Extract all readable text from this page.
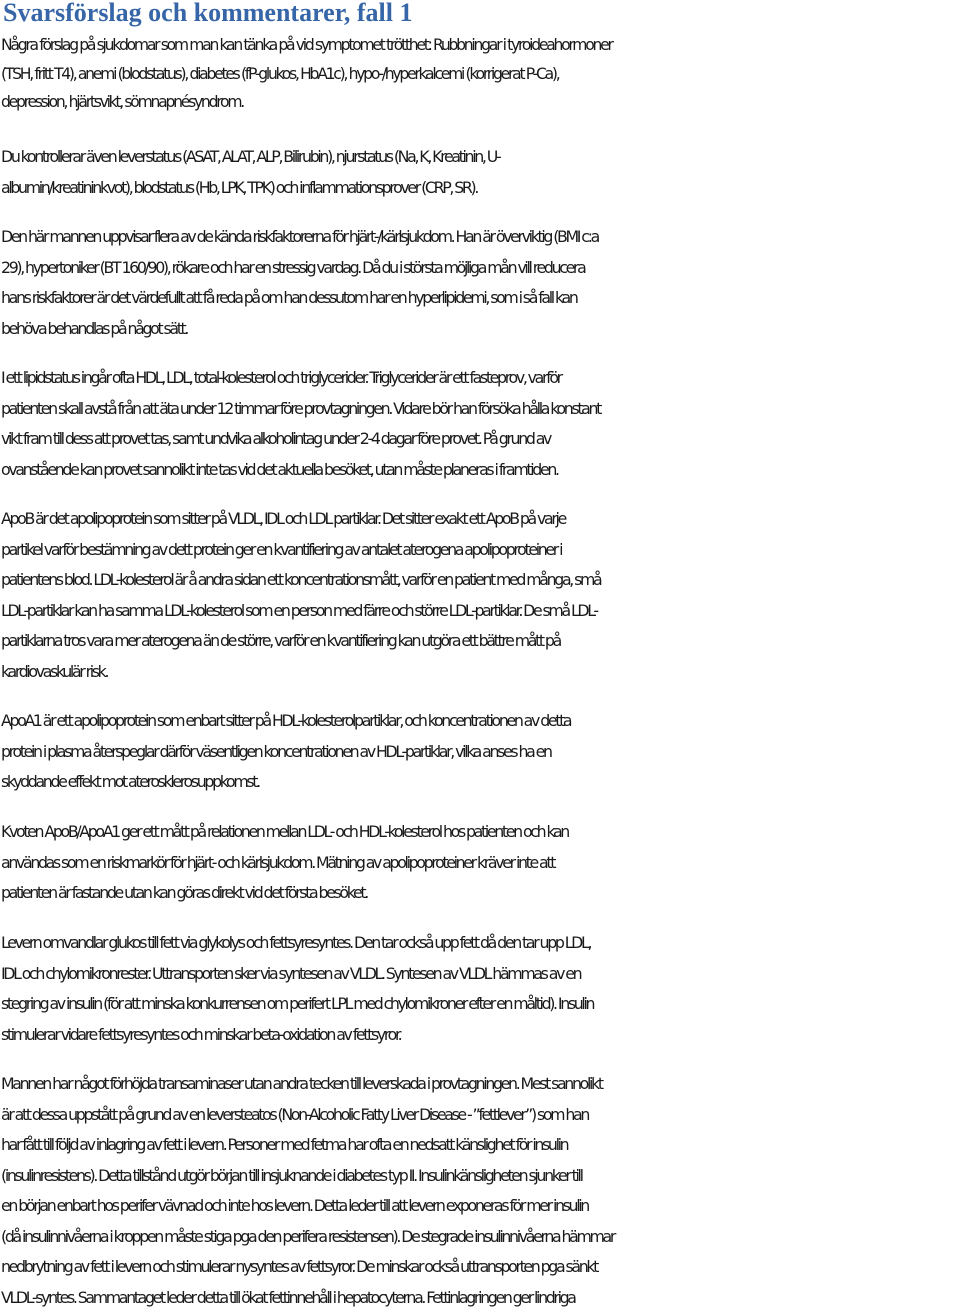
Svarsförslag och kommentarer, fall 1

Några förslag på sjukdomar som man kan tänka på vid symptomet trötthet: Rubbningar i tyroideahormoner
(TSH, fritt T4), anemi (blodstatus), diabetes (fP-glukos, HbA1c), hypo-/hyperkalcemi (korrigerat P-Ca),
depression, hjärtsvikt, sömnapnésyndrom.

Du kontrollerar även leverstatus (ASAT, ALAT, ALP, Bilirubin), njurstatus (Na, K, Kreatinin, U-
albumin/kreatininkvot), blodstatus (Hb, LPK, TPK) och inflammationsprover (CRP, SR).

Den här mannen uppvisar flera av de kända riskfaktorerna för hjärt-/kärlsjukdom. Han är överviktig (BMI c:a
29), hypertoniker (BT 160/90), rökare och har en stressig vardag. Då du i största möjliga mån vill reducera
hans riskfaktorer är det värdefullt att få reda på om han dessutom har en hyperlipidemi, som i så fall kan
behöva behandlas på något sätt.

I ett lipidstatus ingår ofta HDL, LDL, total-kolesterol och triglycerider. Triglycerider är ett fasteprov, varför
patienten skall avstå från att äta under 12 timmar före provtagningen. Vidare bör han försöka hålla konstant
vikt fram till dess att provet tas, samt undvika alkoholintag under 2-4 dagar före provet. På grund av
ovanstående kan provet sannolikt inte tas vid det aktuella besöket, utan måste planeras i framtiden.

ApoB är det apolipoprotein som sitter på VLDL, IDL och LDL partiklar. Det sitter exakt ett ApoB på varje
partikel varför bestämning av dett protein ger en kvantifiering av antalet aterogena apolipoproteiner i
patientens blod. LDL-kolesterol är å andra sidan ett koncentrationsmått, varför en patient med många, små
LDL-partiklar kan ha samma LDL-kolesterol som en person med färre och större LDL-partiklar. De små LDL-
partiklarna tros vara mer aterogena än de större, varför en kvantifiering kan utgöra ett bättre mått på
kardiovaskulär risk.

ApoA1 är ett apolipoprotein som enbart sitter på HDL-kolesterolpartiklar, och koncentrationen av detta
protein i plasma återspeglar därför väsentligen koncentrationen av HDL-partiklar, vilka anses ha en
skyddande effekt mot aterosklerosuppkomst.

Kvoten ApoB/ApoA1 ger ett mått på relationen mellan LDL- och HDL-kolesterol hos patienten och kan
användas som en riskmarkör för hjärt- och kärlsjukdom. Mätning av apolipoproteiner kräver inte att
patienten är fastande utan kan göras direkt vid det första besöket.

Levern omvandlar glukos till fett via glykolys och fettsyresyntes. Den tar också upp fett då den tar upp LDL,
IDL och chylomikronrester. Uttransporten sker via syntesen av VLDL. Syntesen av VLDL hämmas av en
stegring av insulin (för att minska konkurrensen om perifert LPL med chylomikroner efter en måltid). Insulin
stimulerar vidare fettsyresyntes och minskar beta-oxidation av fettsyror.

Mannen har något förhöjda transaminaser utan andra tecken till leverskada i provtagningen. Mest sannolikt
är att dessa uppstått på grund av en leversteatos (Non-Alcoholic Fatty Liver Disease - ”fettlever”) som han
har fått till följd av inlagring av fett i levern. Personer med fetma har ofta en nedsatt känslighet för insulin
(insulinresistens). Detta tillstånd utgör början till insjuknande i diabetes typ II. Insulinkänsligheten sjunker till
en början enbart hos perifer vävnad och inte hos levern. Detta leder till att levern exponeras för mer insulin
(då insulinnivåerna i kroppen måste stiga pga den perifera resistensen). De stegrade insulinnivåerna hämmar
nedbrytning av fett i levern och stimulerar nysyntes av fettsyror. De minskar också uttransporten pga sänkt
VLDL-syntes. Sammantaget leder detta till ökat fettinnehåll i hepatocyterna. Fettinlagringen ger lindriga
